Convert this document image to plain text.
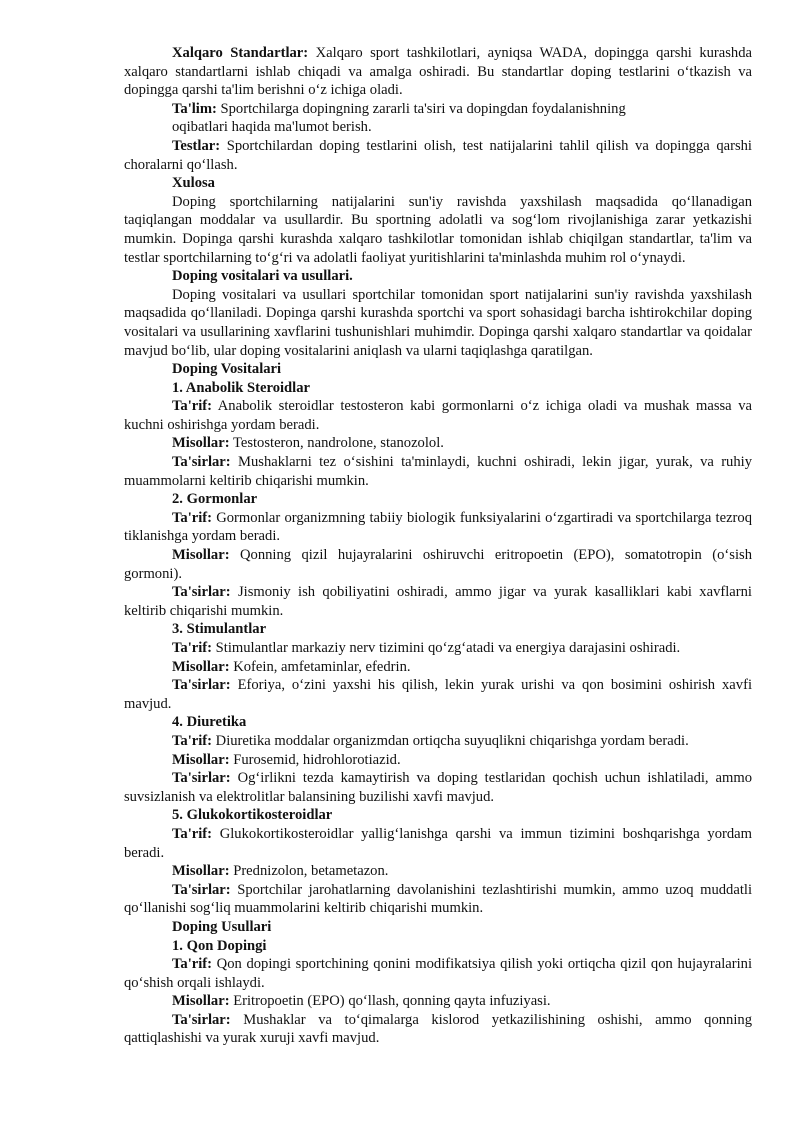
Xalqaro Standartlar: Xalqaro sport tashkilotlari, ayniqsa WADA, dopingga qarshi kurashda xalqaro standartlarni ishlab chiqadi va amalga oshiradi. Bu standartlar doping testlarini o‘tkazish va dopingga qarshi ta'lim berishni o‘z ichiga oladi.

Ta'lim: Sportchilarga dopingning zararli ta'siri va dopingdan foydalanishning

oqibatlari haqida ma'lumot berish.

Testlar: Sportchilardan doping testlarini olish, test natijalarini tahlil qilish va dopingga qarshi choralarni qo‘llash.

Xulosa

Doping sportchilarning natijalarini sun'iy ravishda yaxshilash maqsadida qo‘llanadigan taqiqlangan moddalar va usullardir. Bu sportning adolatli va sog‘lom rivojlanishiga zarar yetkazishi mumkin. Dopinga qarshi kurashda xalqaro tashkilotlar tomonidan ishlab chiqilgan standartlar, ta'lim va testlar sportchilarning to‘g‘ri va adolatli faoliyat yuritishlarini ta'minlashda muhim rol o‘ynaydi.

Doping vositalari va usullari.

Doping vositalari va usullari sportchilar tomonidan sport natijalarini sun'iy ravishda yaxshilash maqsadida qo‘llaniladi. Dopinga qarshi kurashda sportchi va sport sohasidagi barcha ishtirokchilar doping vositalari va usullarining xavflarini tushunishlari muhimdir. Dopinga qarshi xalqaro standartlar va qoidalar mavjud bo‘lib, ular doping vositalarini aniqlash va ularni taqiqlashga qaratilgan.

Doping Vositalari

1. Anabolik Steroidlar

Ta'rif: Anabolik steroidlar testosteron kabi gormonlarni o‘z ichiga oladi va mushak massa va kuchni oshirishga yordam beradi.

Misollar: Testosteron, nandrolone, stanozolol.

Ta'sirlar: Mushaklarni tez o‘sishini ta'minlaydi, kuchni oshiradi, lekin jigar, yurak, va ruhiy muammolarni keltirib chiqarishi mumkin.

2. Gormonlar

Ta'rif: Gormonlar organizmning tabiiy biologik funksiyalarini o‘zgartiradi va sportchilarga tezroq tiklanishga yordam beradi.

Misollar: Qonning qizil hujayralarini oshiruvchi eritropoetin (EPO), somatotropin (o‘sish gormoni).

Ta'sirlar: Jismoniy ish qobiliyatini oshiradi, ammo jigar va yurak kasalliklari kabi xavflarni keltirib chiqarishi mumkin.

3. Stimulantlar

Ta'rif: Stimulantlar markaziy nerv tizimini qo‘zg‘atadi va energiya darajasini oshiradi.

Misollar: Kofein, amfetaminlar, efedrin.

Ta'sirlar: Eforiya, o‘zini yaxshi his qilish, lekin yurak urishi va qon bosimini oshirish xavfi mavjud.

4. Diuretika

Ta'rif: Diuretika moddalar organizmdan ortiqcha suyuqlikni chiqarishga yordam beradi.

Misollar: Furosemid, hidrohlorotiazid.

Ta'sirlar: Og‘irlikni tezda kamaytirish va doping testlaridan qochish uchun ishlatiladi, ammo suvsizlanish va elektrolitlar balansining buzilishi xavfi mavjud.

5. Glukokortikosteroidlar

Ta'rif: Glukokortikosteroidlar yallig‘lanishga qarshi va immun tizimini boshqarishga yordam beradi.

Misollar: Prednizolon, betametazon.

Ta'sirlar: Sportchilar jarohatlarning davolanishini tezlashtirishi mumkin, ammo uzoq muddatli qo‘llanishi sog‘liq muammolarini keltirib chiqarishi mumkin.

Doping Usullari

1. Qon Dopingi

Ta'rif: Qon dopingi sportchining qonini modifikatsiya qilish yoki ortiqcha qizil qon hujayralarini qo‘shish orqali ishlaydi.

Misollar: Eritropoetin (EPO) qo‘llash, qonning qayta infuziyasi.

Ta'sirlar: Mushaklar va to‘qimalarga kislorod yetkazilishining oshishi, ammo qonning qattiqlashishi va yurak xuruji xavfi mavjud.
